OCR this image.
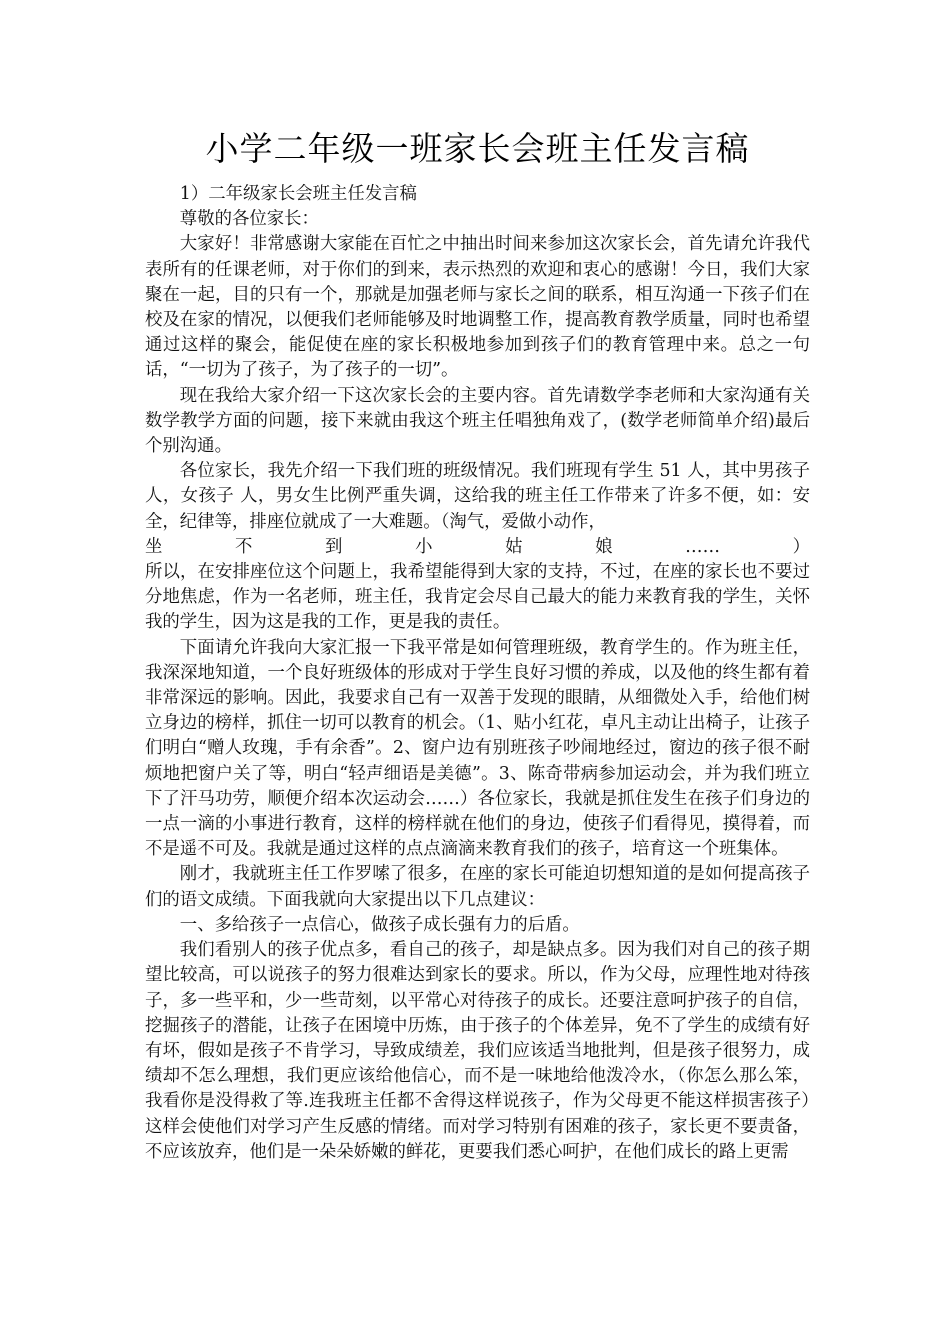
小学二年级一班家长会班主任发言稿

1）二年级家长会班主任发言稿

尊敬的各位家长：

大家好！非常感谢大家能在百忙之中抽出时间来参加这次家长会，首先请允许我代表所有的任课老师，对于你们的到来，表示热烈的欢迎和衷心的感谢！今日，我们大家聚在一起，目的只有一个，那就是加强老师与家长之间的联系，相互沟通一下孩子们在校及在家的情况，以便我们老师能够及时地调整工作，提高教育教学质量，同时也希望通过这样的聚会，能促使在座的家长积极地参加到孩子们的教育管理中来。总之一句话，“一切为了孩子，为了孩子的一切”。

现在我给大家介绍一下这次家长会的主要内容。首先请数学李老师和大家沟通有关数学教学方面的问题，接下来就由我这个班主任唱独角戏了，(数学老师简单介绍)最后个别沟通。

各位家长，我先介绍一下我们班的班级情况。我们班现有学生 51 人，其中男孩子 人，女孩子 人，男女生比例严重失调，这给我的班主任工作带来了许多不便，如：安全，纪律等，排座位就成了一大难题。（淘气，爱做小动作，

坐不到小姑娘……）

所以，在安排座位这个问题上，我希望能得到大家的支持，不过，在座的家长也不要过分地焦虑，作为一名老师，班主任，我肯定会尽自己最大的能力来教育我的学生，关怀我的学生，因为这是我的工作，更是我的责任。

下面请允许我向大家汇报一下我平常是如何管理班级，教育学生的。作为班主任，我深深地知道，一个良好班级体的形成对于学生良好习惯的养成，以及他的终生都有着非常深远的影响。因此，我要求自己有一双善于发现的眼睛，从细微处入手，给他们树立身边的榜样，抓住一切可以教育的机会。（1、贴小红花，卓凡主动让出椅子，让孩子们明白“赠人玫瑰，手有余香”。2、窗户边有别班孩子吵闹地经过，窗边的孩子很不耐烦地把窗户关了等，明白“轻声细语是美德”。3、陈奇带病参加运动会，并为我们班立下了汗马功劳，顺便介绍本次运动会……）各位家长，我就是抓住发生在孩子们身边的一点一滴的小事进行教育，这样的榜样就在他们的身边，使孩子们看得见，摸得着，而不是遥不可及。我就是通过这样的点点滴滴来教育我们的孩子，培育这一个班集体。

刚才，我就班主任工作罗嗦了很多，在座的家长可能迫切想知道的是如何提高孩子们的语文成绩。下面我就向大家提出以下几点建议：

一、多给孩子一点信心，做孩子成长强有力的后盾。

我们看别人的孩子优点多，看自己的孩子，却是缺点多。因为我们对自己的孩子期望比较高，可以说孩子的努力很难达到家长的要求。所以，作为父母，应理性地对待孩子，多一些平和，少一些苛刻，以平常心对待孩子的成长。还要注意呵护孩子的自信，挖掘孩子的潜能，让孩子在困境中历炼，由于孩子的个体差异，免不了学生的成绩有好有坏，假如是孩子不肯学习，导致成绩差，我们应该适当地批判，但是孩子很努力，成绩却不怎么理想，我们更应该给他信心，而不是一味地给他泼冷水，（你怎么那么笨，我看你是没得救了等.连我班主任都不舍得这样说孩子，作为父母更不能这样损害孩子）这样会使他们对学习产生反感的情绪。而对学习特别有困难的孩子，家长更不要责备，不应该放弃，他们是一朵朵娇嫩的鲜花，更要我们悉心呵护，在他们成长的路上更需
